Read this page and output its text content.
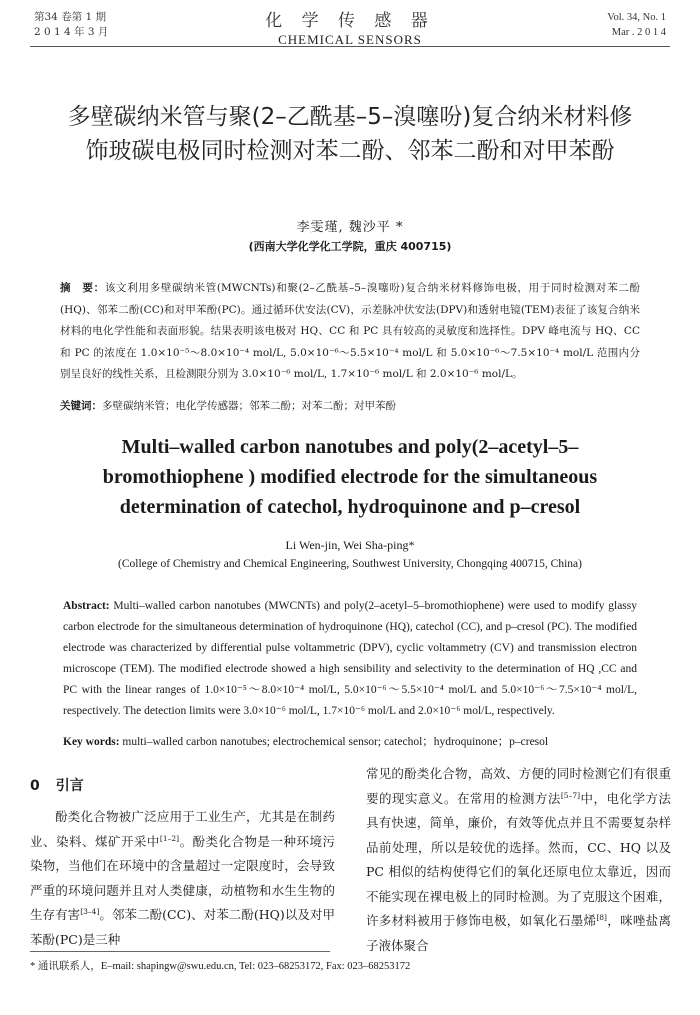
第34 卷第 1 期
2 0 1 4 年 3 月
化 学 传 感 器
CHEMICAL SENSORS
Vol. 34, No. 1
Mar . 2 0 1 4
多壁碳纳米管与聚(2–乙酰基–5–溴噻吩)复合纳米材料修饰玻碳电极同时检测对苯二酚、邻苯二酚和对甲苯酚
李雯瑾, 魏沙平 *
(西南大学化学化工学院，重庆 400715)
摘　要：该文利用多壁碳纳米管(MWCNTs)和聚(2–乙酰基–5–溴噻吩)复合纳米材料修饰电极，用于同时检测对苯二酚(HQ)、邻苯二酚(CC)和对甲苯酚(PC)。通过循环伏安法(CV)，示差脉冲伏安法(DPV)和透射电镜(TEM)表征了该复合纳米材料的电化学性能和表面形貌。结果表明该电极对 HQ、CC 和 PC 具有较高的灵敏度和选择性。DPV 峰电流与 HQ、CC 和 PC 的浓度在 1.0×10⁻⁵～8.0×10⁻⁴ mol/L, 5.0×10⁻⁶～5.5×10⁻⁴ mol/L 和 5.0×10⁻⁶～7.5×10⁻⁴ mol/L 范围内分别呈良好的线性关系，且检测限分别为 3.0×10⁻⁶ mol/L, 1.7×10⁻⁶ mol/L 和 2.0×10⁻⁶ mol/L。
关键词：多壁碳纳米管；电化学传感器；邻苯二酚；对苯二酚；对甲苯酚
Multi–walled carbon nanotubes and poly(2–acetyl–5–bromothiophene ) modified electrode for the simultaneous determination of catechol, hydroquinone and p–cresol
Li Wen-jin, Wei Sha-ping*
(College of Chemistry and Chemical Engineering, Southwest University, Chongqing 400715, China)
Abstract: Multi–walled carbon nanotubes (MWCNTs) and poly(2–acetyl–5–bromothiophene) were used to modify glassy carbon electrode for the simultaneous determination of hydroquinone (HQ), catechol (CC), and p–cresol (PC). The modified electrode was characterized by differential pulse voltammetric (DPV), cyclic voltammetry (CV) and transmission electron microscope (TEM). The modified electrode showed a high sensibility and selectivity to the determination of HQ ,CC and PC with the linear ranges of 1.0×10⁻⁵～8.0×10⁻⁴ mol/L, 5.0×10⁻⁶～5.5×10⁻⁴ mol/L and 5.0×10⁻⁶～7.5×10⁻⁴ mol/L, respectively. The detection limits were 3.0×10⁻⁶ mol/L, 1.7×10⁻⁶ mol/L and 2.0×10⁻⁶ mol/L, respectively.
Key words: multi–walled carbon nanotubes; electrochemical sensor; catechol；hydroquinone；p–cresol
0 引言
酚类化合物被广泛应用于工业生产，尤其是在制药业、染料、煤矿开采中[1–2]。酚类化合物是一种环境污染物，当他们在环境中的含量超过一定限度时，会导致严重的环境问题并且对人类健康，动植物和水生生物的生存有害[3–4]。邻苯二酚(CC)、对苯二酚(HQ)以及对甲苯酚(PC)是三种
常见的酚类化合物，高效、方便的同时检测它们有很重要的现实意义。在常用的检测方法[5–7]中，电化学方法具有快速，简单，廉价，有效等优点并且不需要复杂样品前处理，所以是较优的选择。然而，CC、HQ 以及 PC 相似的结构使得它们的氧化还原电位太靠近，因而不能实现在裸电极上的同时检测。为了克服这个困难，许多材料被用于修饰电极，如氧化石墨烯[8]，咪唑盐离子液体聚合
* 通讯联系人，E–mail: shapingw@swu.edu.cn, Tel: 023–68253172, Fax: 023–68253172
